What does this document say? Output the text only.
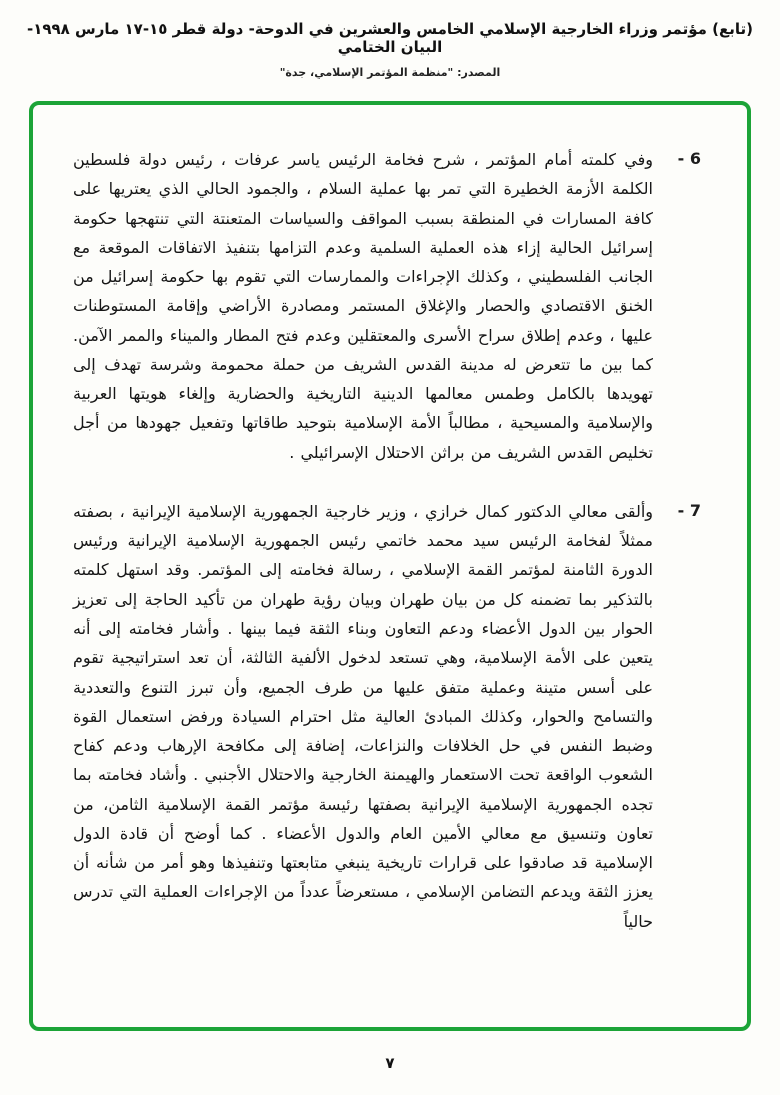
(تابع) مؤتمر وزراء الخارجية الإسلامي الخامس والعشرين في الدوحة- دولة قطر ١٥-١٧ مارس ١٩٩٨- البيان الختامي
المصدر: "منظمة المؤتمر الإسلامي، جدة"
6 -
وفي كلمته أمام المؤتمر ، شرح فخامة الرئيس ياسر عرفات ، رئيس دولة فلسطين الكلمة الأزمة الخطيرة التي تمر بها عملية السلام ، والجمود الحالي الذي يعتريها على كافة المسارات في المنطقة بسبب المواقف والسياسات المتعنتة التي تنتهجها حكومة إسرائيل الحالية إزاء هذه العملية السلمية وعدم التزامها بتنفيذ الاتفاقات الموقعة مع الجانب الفلسطيني ، وكذلك الإجراءات والممارسات التي تقوم بها حكومة إسرائيل من الخنق الاقتصادي والحصار والإغلاق المستمر ومصادرة الأراضي وإقامة المستوطنات عليها ، وعدم إطلاق سراح الأسرى والمعتقلين وعدم فتح المطار والميناء والممر الآمن. كما بين ما تتعرض له مدينة القدس الشريف من حملة محمومة وشرسة تهدف إلى تهويدها بالكامل وطمس معالمها الدينية التاريخية والحضارية وإلغاء هويتها العربية والإسلامية والمسيحية ، مطالباً الأمة الإسلامية بتوحيد طاقاتها وتفعيل جهودها من أجل تخليص القدس الشريف من براثن الاحتلال الإسرائيلي .
7 -
وألقى معالي الدكتور كمال خرازي ، وزير خارجية الجمهورية الإسلامية الإيرانية ، بصفته ممثلاً لفخامة الرئيس سيد محمد خاتمي رئيس الجمهورية الإسلامية الإيرانية ورئيس الدورة الثامنة لمؤتمر القمة الإسلامي ، رسالة فخامته إلى المؤتمر. وقد استهل كلمته بالتذكير بما تضمنه كل من بيان طهران وبيان رؤية طهران من تأكيد الحاجة إلى تعزيز الحوار بين الدول الأعضاء ودعم التعاون وبناء الثقة فيما بينها . وأشار فخامته إلى أنه يتعين على الأمة الإسلامية، وهي تستعد لدخول الألفية الثالثة، أن تعد استراتيجية تقوم على أسس متينة وعملية متفق عليها من طرف الجميع، وأن تبرز التنوع والتعددية والتسامح والحوار، وكذلك المبادئ العالية مثل احترام السيادة ورفض استعمال القوة وضبط النفس في حل الخلافات والنزاعات، إضافة إلى مكافحة الإرهاب ودعم كفاح الشعوب الواقعة تحت الاستعمار والهيمنة الخارجية والاحتلال الأجنبي . وأشاد فخامته بما تجده الجمهورية الإسلامية الإيرانية بصفتها رئيسة مؤتمر القمة الإسلامية الثامن، من تعاون وتنسيق مع معالي الأمين العام والدول الأعضاء . كما أوضح أن قادة الدول الإسلامية قد صادقوا على قرارات تاريخية ينبغي متابعتها وتنفيذها وهو أمر من شأنه أن يعزز الثقة ويدعم التضامن الإسلامي ، مستعرضاً عدداً من الإجراءات العملية التي تدرس حالياً
٧
